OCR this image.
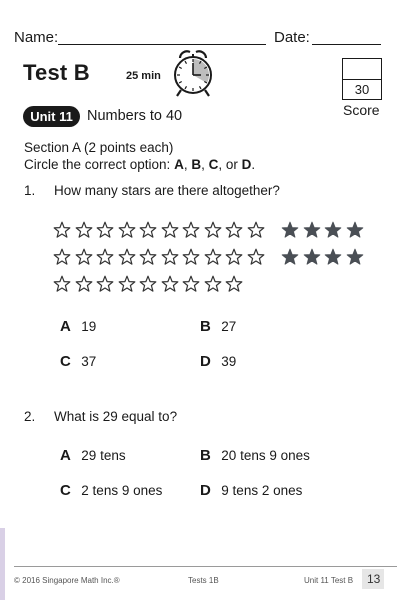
Name:	Date:
Test B	25 min
30
Score
Unit 11 Numbers to 40
Section A (2 points each)
Circle the correct option: A, B, C, or D.
1. How many stars are there altogether?
A 19	B 27
C 37	D 39
2. What is 29 equal to?
A 29 tens	B 20 tens 9 ones
C 2 tens 9 ones	D 9 tens 2 ones
© 2016 Singapore Math Inc.®	Tests 1B	Unit 11 Test B 13
